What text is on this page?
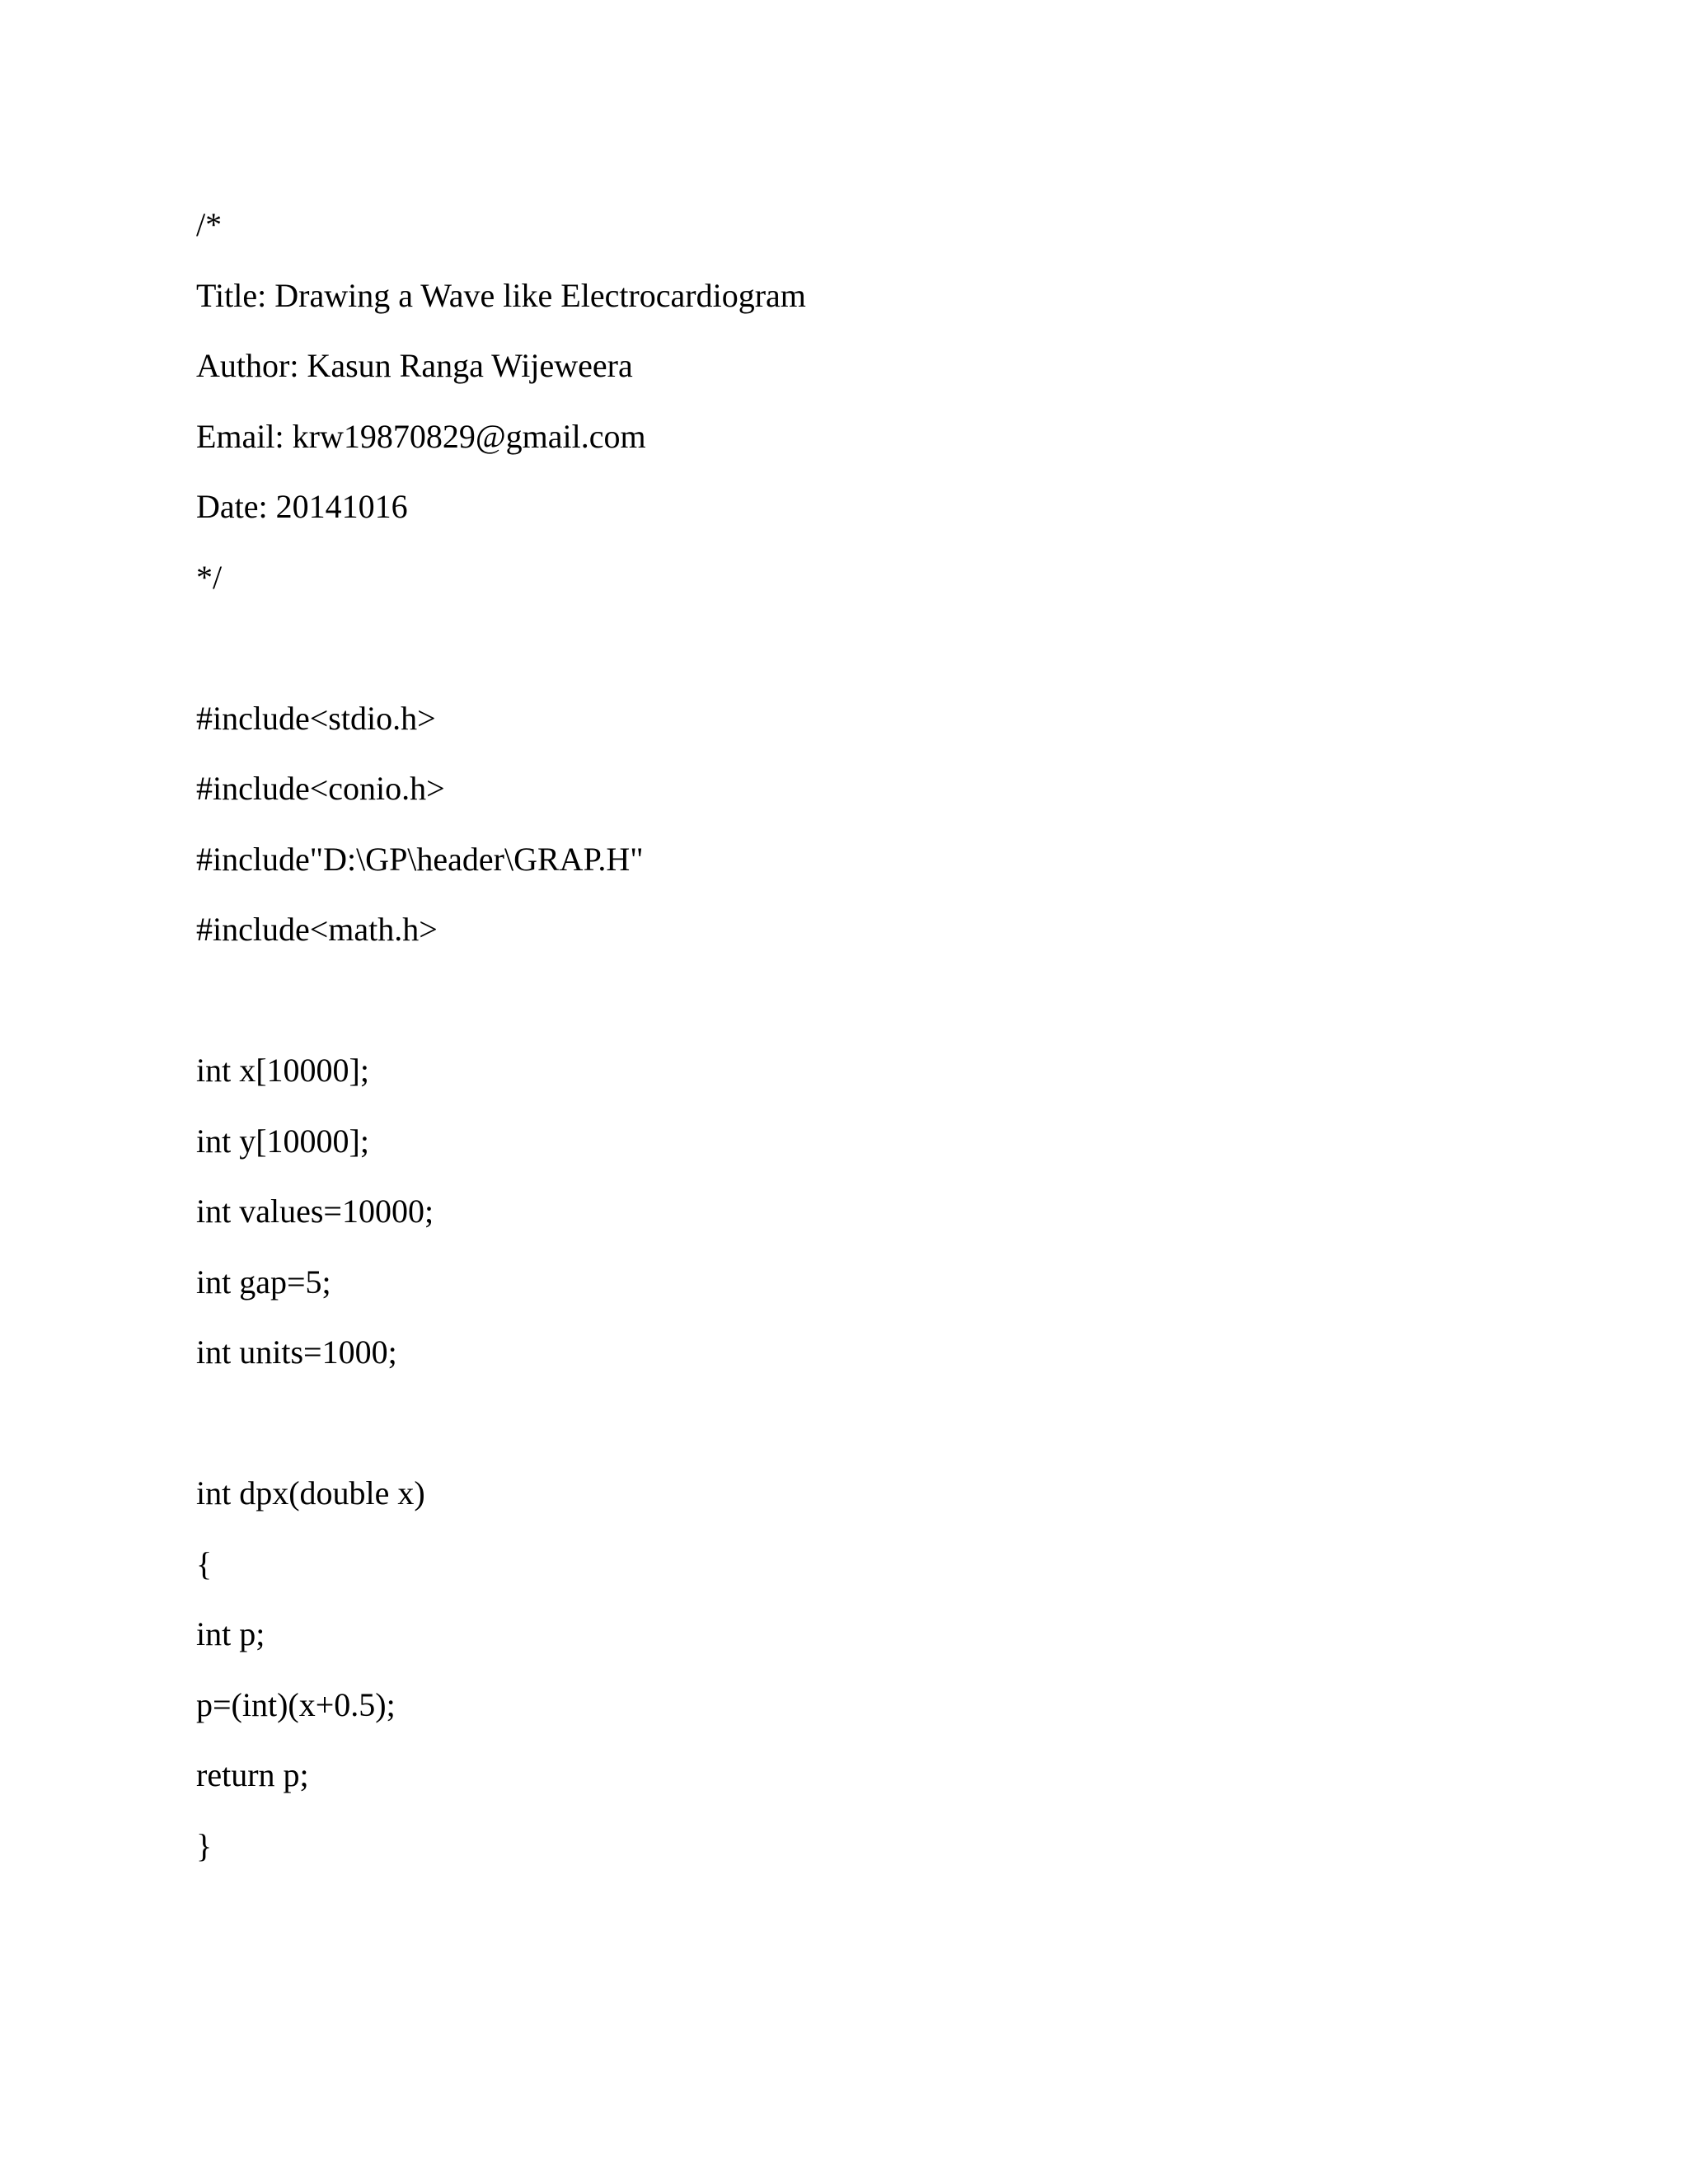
/*
Title: Drawing a Wave like Electrocardiogram
Author: Kasun Ranga Wijeweera
Email: krw19870829@gmail.com
Date: 20141016
*/
#include<stdio.h>
#include<conio.h>
#include"D:\GP\header\GRAP.H"
#include<math.h>
int x[10000];
int y[10000];
int values=10000;
int gap=5;
int units=1000;
int dpx(double x)
{
int p;
p=(int)(x+0.5);
return p;
}
